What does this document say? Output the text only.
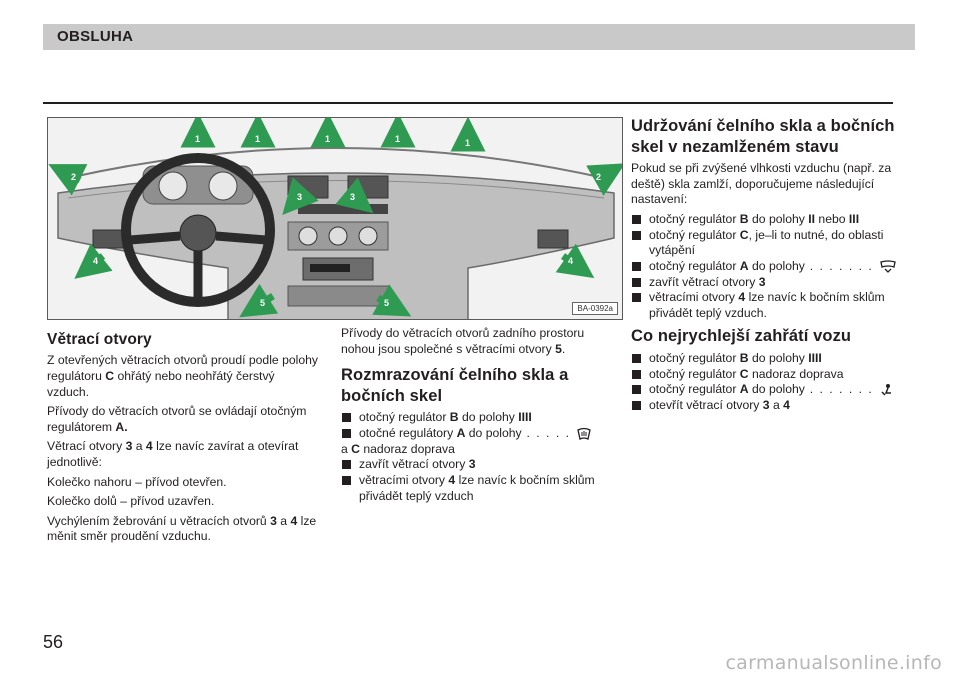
OBSLUHA
1	1	1	1	1
2	2
3	3
4	4
5	5
BA-0392a
Větrací otvory

Z otevřených větracích otvorů proudí podle polohy regulátoru C ohřátý nebo neohřátý čerstvý vzduch.

Přívody do větracích otvorů se ovládají otočným regulátorem A.

Větrací otvory 3 a 4 lze navíc zavírat a otevírat jednotlivě:

Kolečko nahoru – přívod otevřen.

Kolečko dolů – přívod uzavřen.

Vychýlením žebrování u větracích otvorů 3 a 4 lze měnit směr proudění vzduchu.

Přívody do větracích otvorů zadního prostoru nohou jsou společné s větracími otvory 5.

Rozmrazování čelního skla a bočních skel
otočný regulátor B do polohy IIII
otočné regulátory A do polohy . . . . .
a C nadoraz doprava
zavřít větrací otvory 3
větracími otvory 4 lze navíc k bočním sklům přivádět teplý vzduch
Udržování čelního skla a bočních skel v nezamlženém stavu

Pokud se při zvýšené vlhkosti vzduchu (např. za deště) skla zamlží, doporučujeme následující nastavení:

otočný regulátor B do polohy II nebo III
otočný regulátor C, je–li to nutné, do oblasti vytápění
otočný regulátor A do polohy . . . . . . .
zavřít větrací otvory 3
větracími otvory 4 lze navíc k bočním sklům přivádět teplý vzduch.
Co nejrychlejší zahřátí vozu
otočný regulátor B do polohy IIII
otočný regulátor C nadoraz doprava
otočný regulátor A do polohy . . . . . . .
otevřít větrací otvory 3 a 4
56
carmanualsonline.info
